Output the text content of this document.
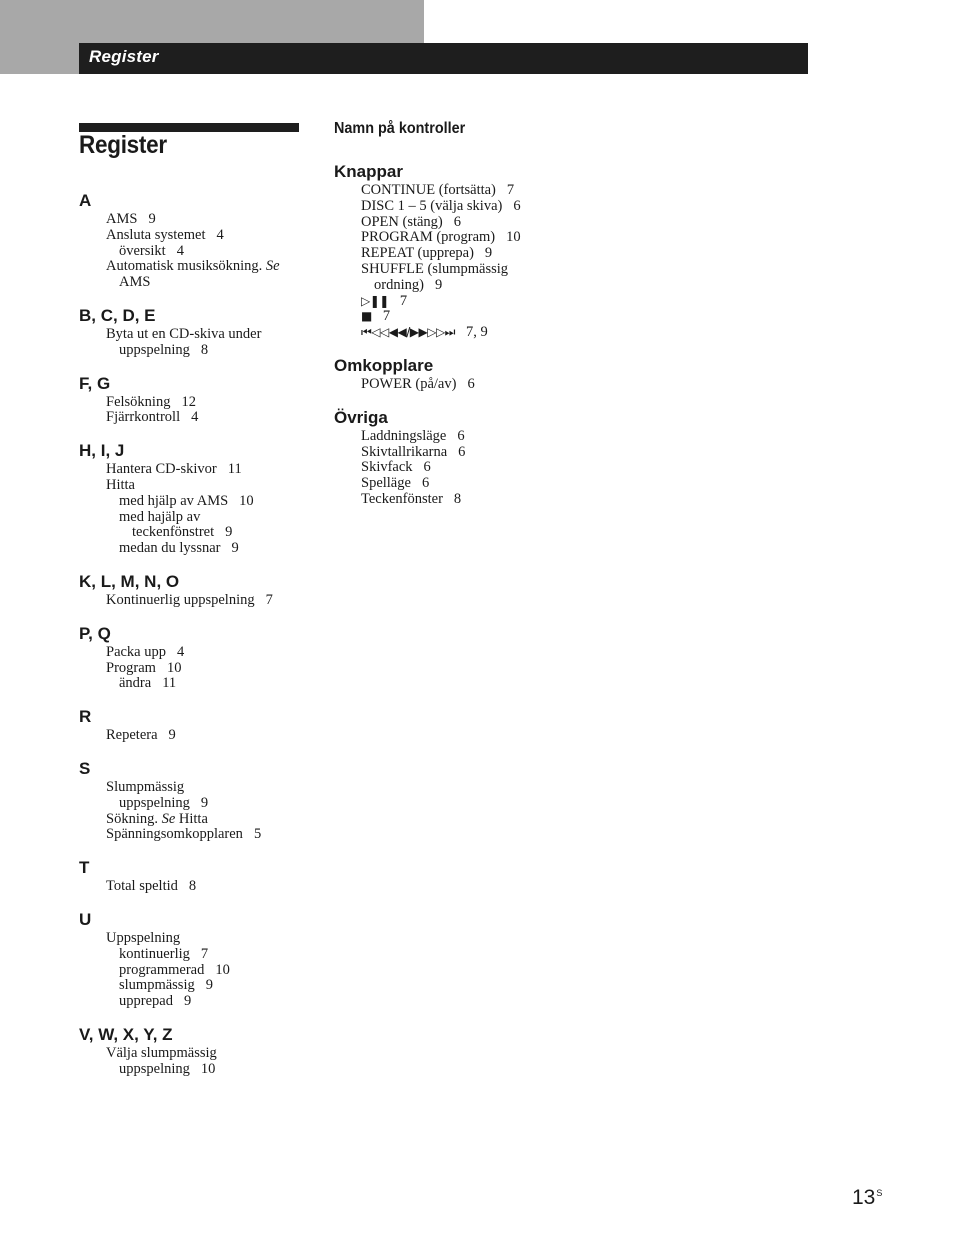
Register
Register
A
AMS 9
Ansluta systemet 4
översikt 4
Automatisk musiksökning. Se
AMS
B, C, D, E
Byta ut en CD-skiva under
uppspelning 8
F, G
Felsökning 12
Fjärrkontroll 4
H, I, J
Hantera CD-skivor 11
Hitta
med hjälp av AMS 10
med hajälp av
teckenfönstret 9
medan du lyssnar 9
K, L, M, N, O
Kontinuerlig uppspelning 7
P, Q
Packa upp 4
Program 10
ändra 11
R
Repetera 9
S
Slumpmässig
uppspelning 9
Sökning. Se Hitta
Spänningsomkopplaren 5
T
Total speltid 8
U
Uppspelning
kontinuerlig 7
programmerad 10
slumpmässig 9
upprepad 9
V, W, X, Y, Z
Välja slumpmässig
uppspelning 10
Namn på kontroller
Knappar
CONTINUE (fortsätta) 7
DISC 1 – 5 (välja skiva) 6
OPEN (stäng) 6
PROGRAM (program) 10
REPEAT (upprepa) 9
SHUFFLE (slumpmässig
ordning) 9
▷❚❚ 7
■ 7
⏮◁◁◀◀/▶▶▷▷⏭ 7, 9
Omkopplare
POWER (på/av) 6
Övriga
Laddningsläge 6
Skivtallrikarna 6
Skivfack 6
Spelläge 6
Teckenfönster 8
$13^S$
